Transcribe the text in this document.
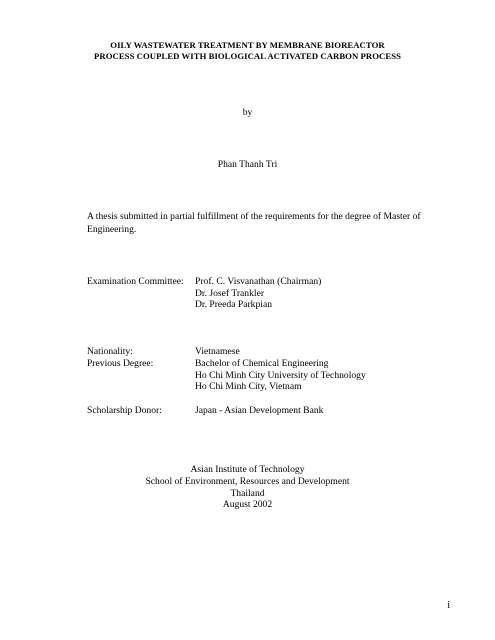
OILY WASTEWATER TREATMENT BY MEMBRANE BIOREACTOR
PROCESS COUPLED WITH BIOLOGICAL ACTIVATED CARBON PROCESS
by
Phan Thanh Tri
A thesis submitted in partial fulfillment of the requirements for the degree of Master of Engineering.
Examination Committee: Prof. C. Visvanathan (Chairman)
Dr. Josef Trankler
Dr. Preeda Parkpian
Nationality:	Vietnamese
Previous Degree:	Bachelor of Chemical Engineering
Ho Chi Minh City University of Technology
Ho Chi Minh City, Vietnam
Scholarship Donor:	Japan - Asian Development Bank
Asian Institute of Technology
School of Environment, Resources and Development
Thailand
August 2002
i
